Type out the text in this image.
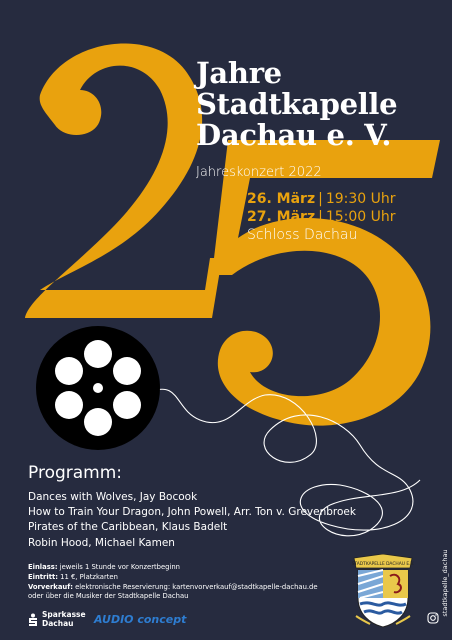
Jahre
Stadtkapelle
Dachau e. V.
Jahreskonzert 2022
26. März | 19:30 Uhr
27. März | 15:00 Uhr
Schloss Dachau
Programm:
Dances with Wolves, Jay Bocook
How to Train Your Dragon, John Powell, Arr. Ton v. Grevenbroek
Pirates of the Caribbean, Klaus Badelt
Robin Hood, Michael Kamen
Einlass: jeweils 1 Stunde vor Konzertbeginn
Eintritt: 11 €, Platzkarten
Vorverkauf: elektronische Reservierung: kartenvorverkauf@stadtkapelle-dachau.de
oder über die Musiker der Stadtkapelle Dachau
Sparkasse
Dachau	AUDIO concept
STADTKAPELLE DACHAU E.V.	stadtkapelle_dachau
